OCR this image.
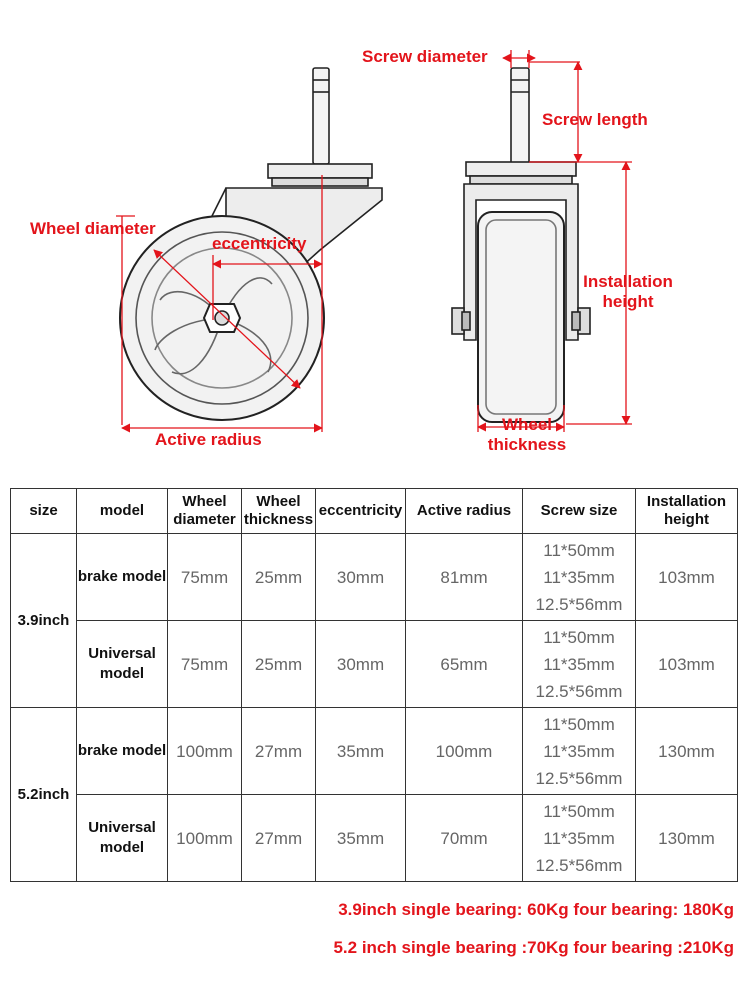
Screw diameter
Screw length
Wheel diameter
eccentricity
Installation height
Active radius
Wheel thickness
size	model	Wheel diameter	Wheel thickness	eccentricity	Active radius	Screw size	Installation height
3.9inch	brake model	75mm	25mm	30mm	81mm	11*50mm
11*35mm
12.5*56mm	103mm
	Universal model	75mm	25mm	30mm	65mm	11*50mm
11*35mm
12.5*56mm	103mm
5.2inch	brake model	100mm	27mm	35mm	100mm	11*50mm
11*35mm
12.5*56mm	130mm
	Universal model	100mm	27mm	35mm	70mm	11*50mm
11*35mm
12.5*56mm	130mm
3.9inch single bearing: 60Kg four bearing: 180Kg
5.2 inch single bearing :70Kg four bearing :210Kg
